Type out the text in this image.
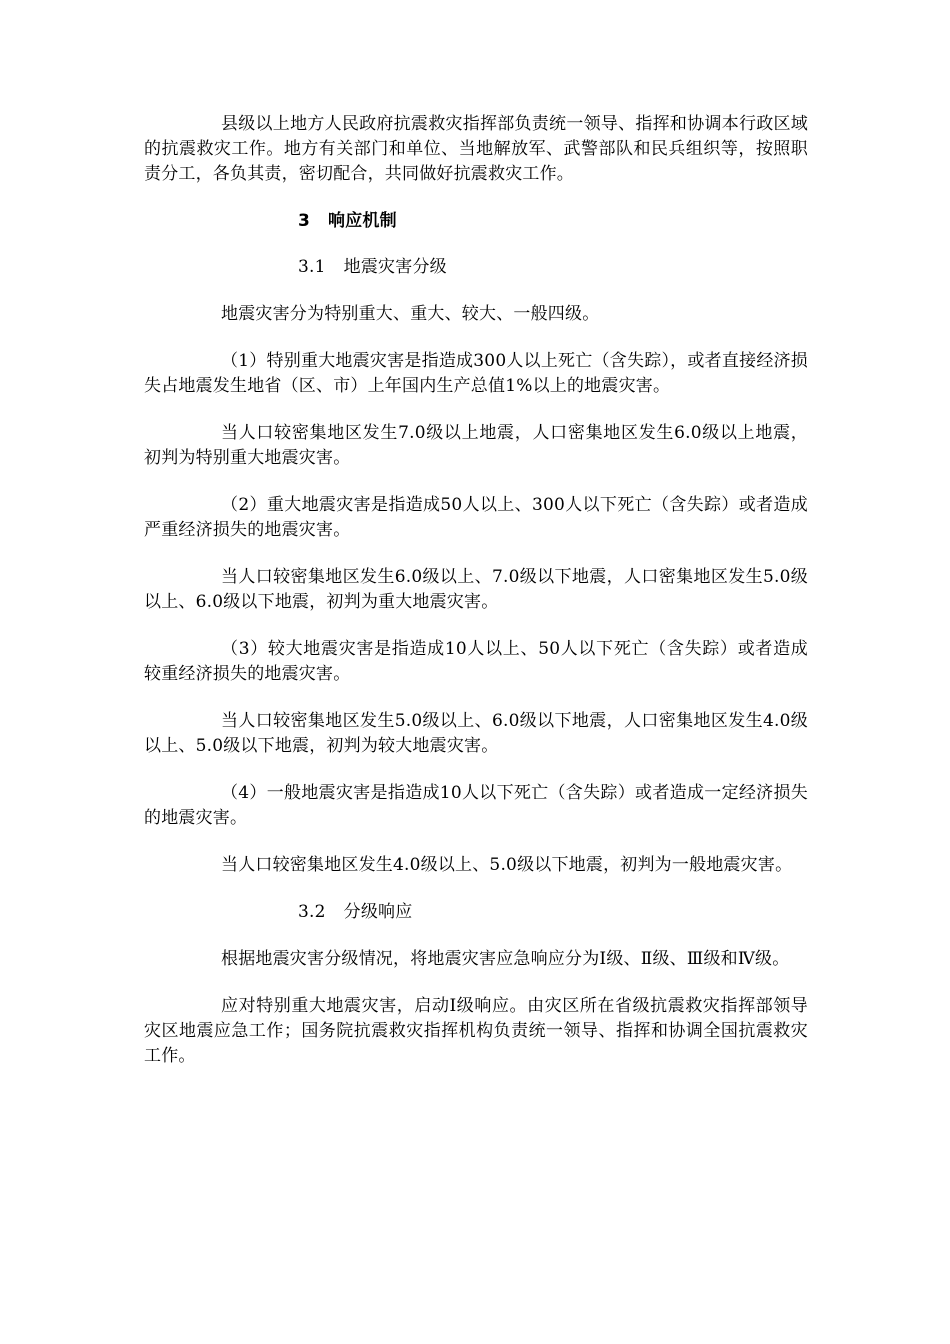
县级以上地方人民政府抗震救灾指挥部负责统一领导、指挥和协调本行政区域的抗震救灾工作。地方有关部门和单位、当地解放军、武警部队和民兵组织等，按照职责分工，各负其责，密切配合，共同做好抗震救灾工作。

3 响应机制

3.1 地震灾害分级

地震灾害分为特别重大、重大、较大、一般四级。

（1）特别重大地震灾害是指造成300人以上死亡（含失踪），或者直接经济损失占地震发生地省（区、市）上年国内生产总值1%以上的地震灾害。

当人口较密集地区发生7.0级以上地震，人口密集地区发生6.0级以上地震，初判为特别重大地震灾害。

（2）重大地震灾害是指造成50人以上、300人以下死亡（含失踪）或者造成严重经济损失的地震灾害。

当人口较密集地区发生6.0级以上、7.0级以下地震，人口密集地区发生5.0级以上、6.0级以下地震，初判为重大地震灾害。

（3）较大地震灾害是指造成10人以上、50人以下死亡（含失踪）或者造成较重经济损失的地震灾害。

当人口较密集地区发生5.0级以上、6.0级以下地震，人口密集地区发生4.0级以上、5.0级以下地震，初判为较大地震灾害。

（4）一般地震灾害是指造成10人以下死亡（含失踪）或者造成一定经济损失的地震灾害。

当人口较密集地区发生4.0级以上、5.0级以下地震，初判为一般地震灾害。

3.2 分级响应

根据地震灾害分级情况，将地震灾害应急响应分为Ⅰ级、Ⅱ级、Ⅲ级和Ⅳ级。

应对特别重大地震灾害，启动Ⅰ级响应。由灾区所在省级抗震救灾指挥部领导灾区地震应急工作；国务院抗震救灾指挥机构负责统一领导、指挥和协调全国抗震救灾工作。
